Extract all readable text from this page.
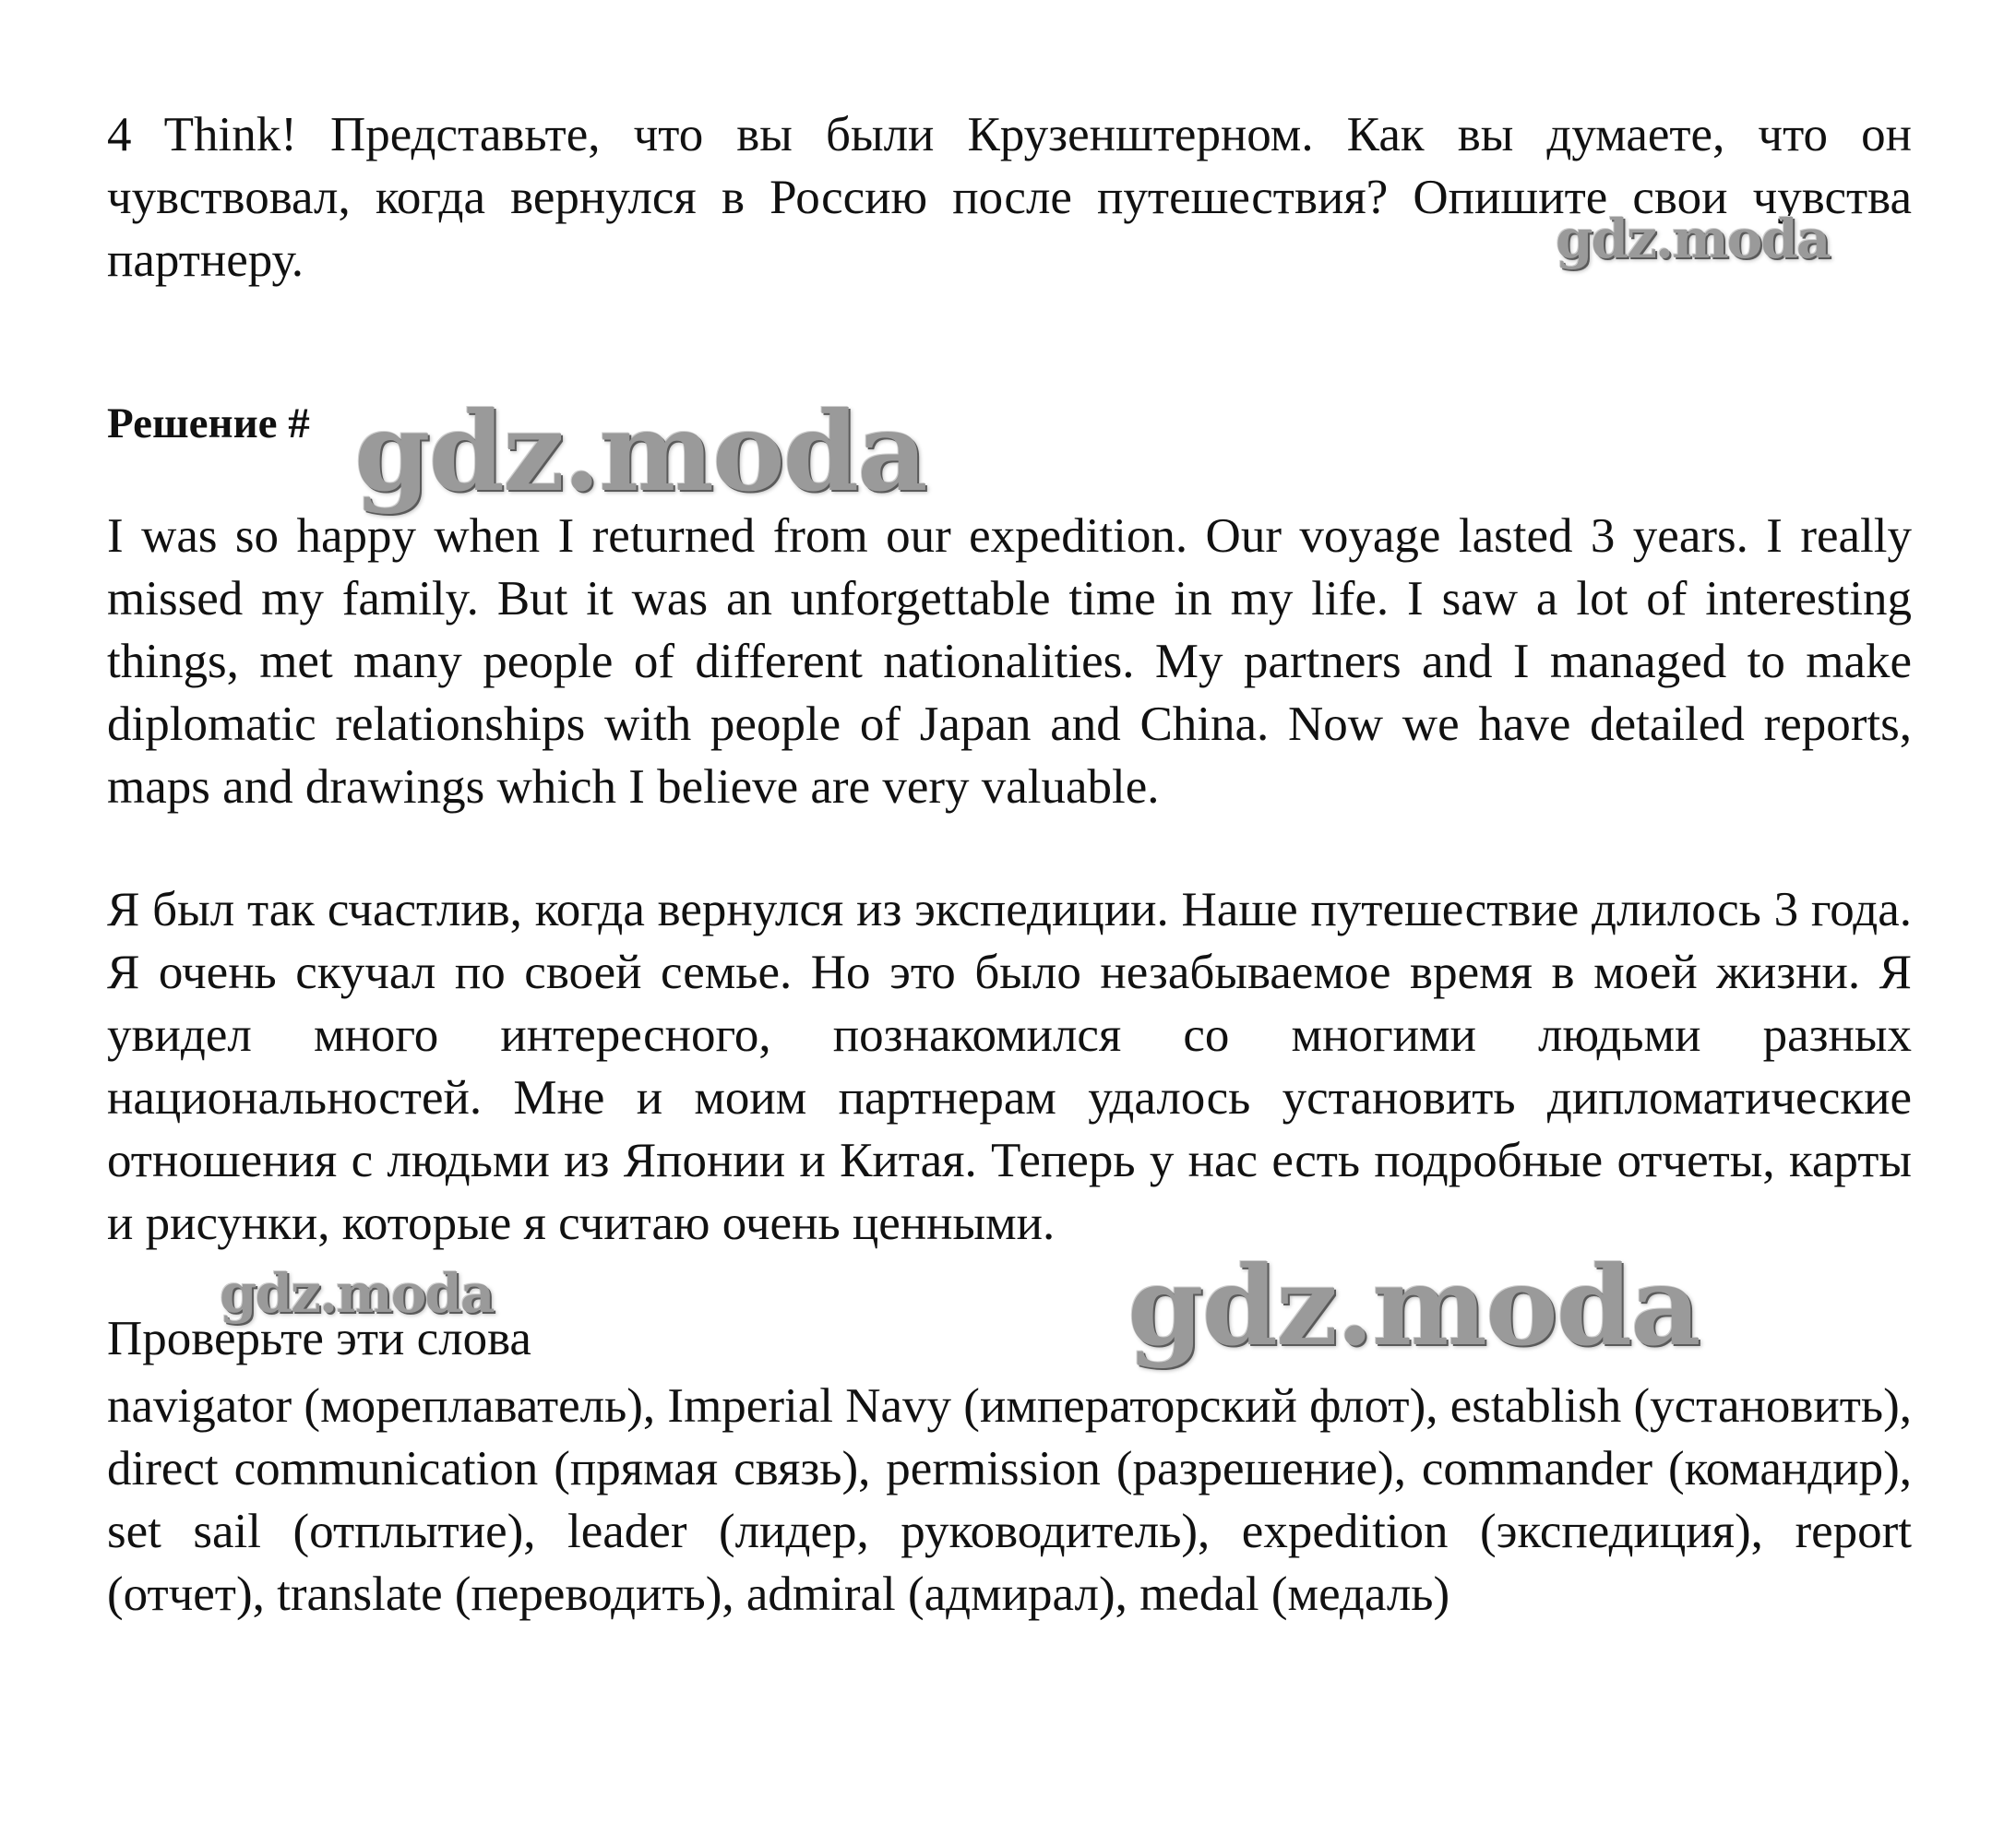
4 Think! Представьте, что вы были Крузенштерном. Как вы думаете, что он чувствовал, когда вернулся в Россию после путешествия? Опишите свои чувства партнеру.

Решение #

I was so happy when I returned from our expedition. Our voyage lasted 3 years. I really missed my family. But it was an unforgettable time in my life. I saw a lot of interesting things, met many people of different nationalities. My partners and I managed to make diplomatic relationships with people of Japan and China. Now we have detailed reports, maps and drawings which I believe are very valuable.

Я был так счастлив, когда вернулся из экспедиции. Наше путешествие длилось 3 года. Я очень скучал по своей семье. Но это было незабываемое время в моей жизни. Я увидел много интересного, познакомился со многими людьми разных национальностей. Мне и моим партнерам удалось установить дипломатические отношения с людьми из Японии и Китая. Теперь у нас есть подробные отчеты, карты и рисунки, которые я считаю очень ценными.

Проверьте эти слова

navigator (мореплаватель), Imperial Navy (императорский флот), establish (установить), direct communication (прямая связь), permission (разрешение), commander (командир), set sail (отплытие), leader (лидер, руководитель), expedition (экспедиция), report (отчет), translate (переводить), admiral (адмирал), medal (медаль)

gdz.moda
gdz.moda
gdz.moda	gdz.moda
